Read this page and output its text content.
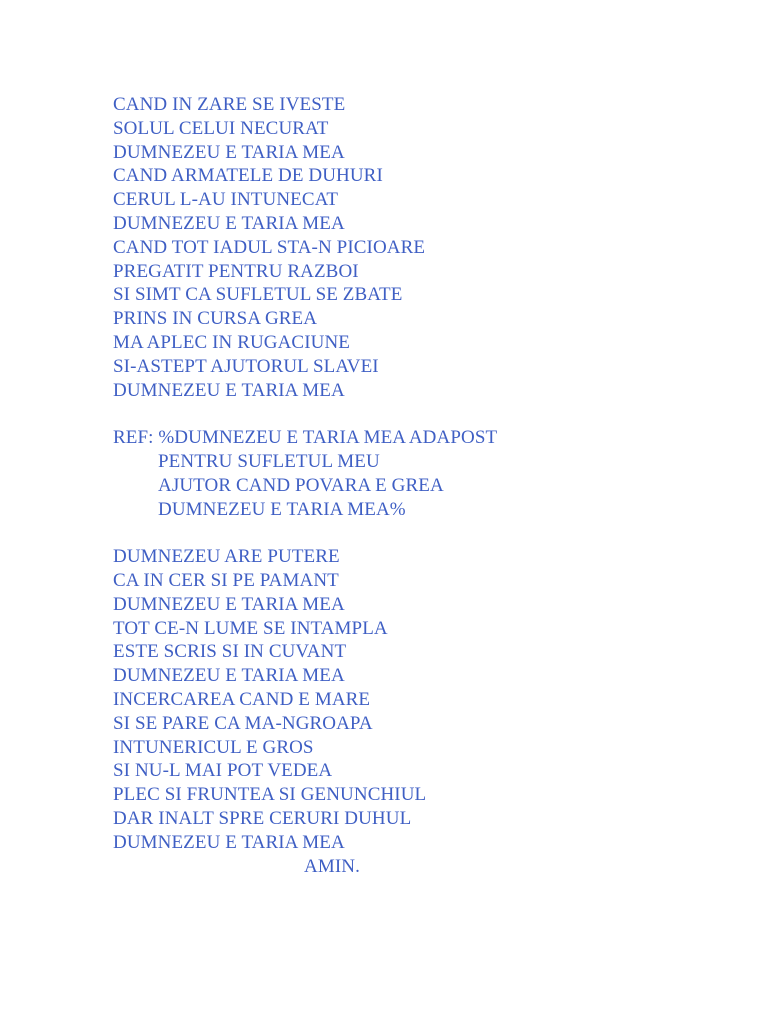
CAND IN ZARE SE IVESTE
SOLUL CELUI NECURAT
DUMNEZEU E TARIA MEA
CAND ARMATELE DE DUHURI
CERUL L-AU INTUNECAT
DUMNEZEU E TARIA MEA
CAND TOT IADUL STA-N PICIOARE
PREGATIT PENTRU RAZBOI
SI SIMT CA SUFLETUL SE ZBATE
PRINS IN CURSA GREA
MA APLEC IN RUGACIUNE
SI-ASTEPT AJUTORUL SLAVEI
DUMNEZEU E TARIA MEA
REF: %DUMNEZEU E TARIA MEA ADAPOST
PENTRU SUFLETUL MEU
AJUTOR CAND POVARA E GREA
DUMNEZEU E TARIA MEA%
DUMNEZEU ARE PUTERE
CA IN CER SI PE PAMANT
DUMNEZEU E TARIA MEA
TOT CE-N LUME SE INTAMPLA
ESTE SCRIS SI IN CUVANT
DUMNEZEU E TARIA MEA
INCERCAREA CAND E MARE
SI SE PARE CA MA-NGROAPA
INTUNERICUL E GROS
SI NU-L MAI POT VEDEA
PLEC SI FRUNTEA SI GENUNCHIUL
DAR INALT SPRE CERURI DUHUL
DUMNEZEU E TARIA MEA
AMIN.
